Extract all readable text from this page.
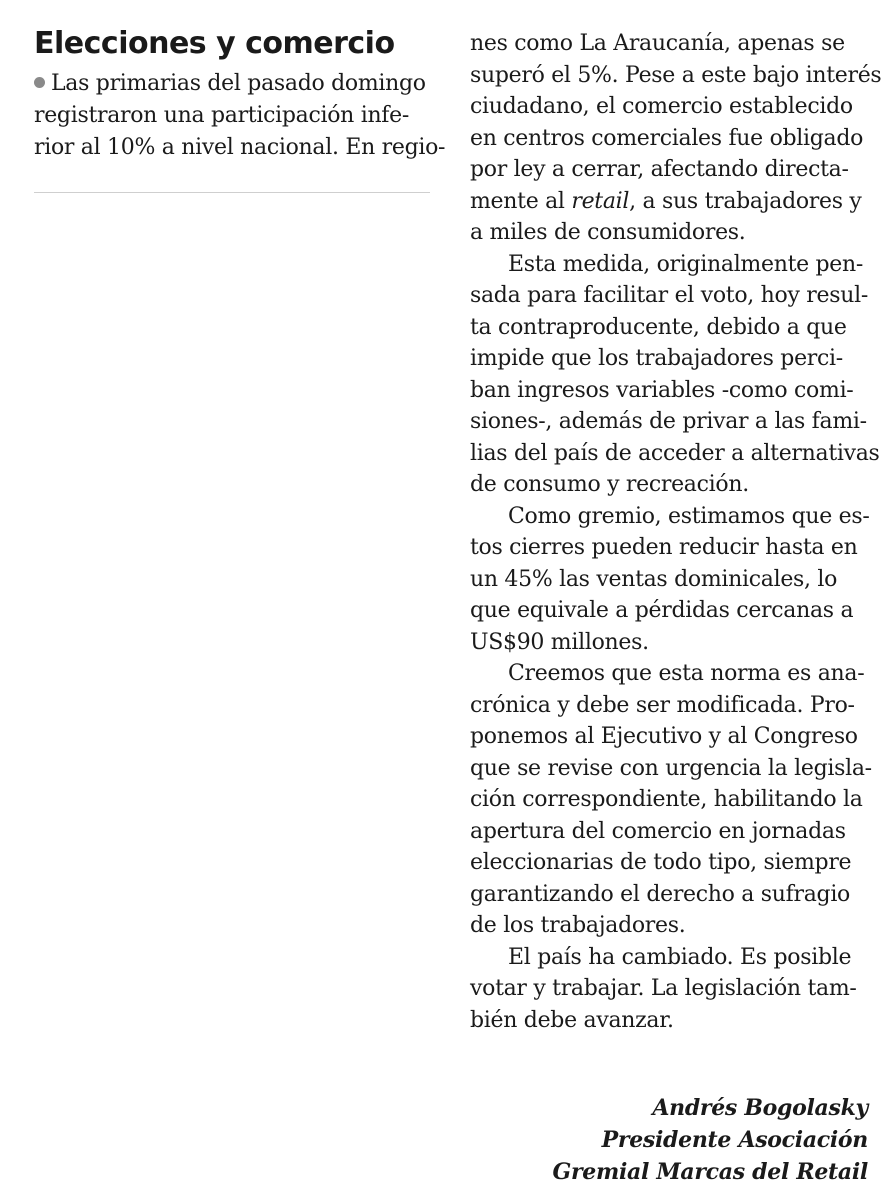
Elecciones y comercio

Las primarias del pasado domingo

registraron una participación infe-

rior al 10% a nivel nacional. En regio-

nes como La Araucanía, apenas se

superó el 5%. Pese a este bajo interés

ciudadano, el comercio establecido

en centros comerciales fue obligado

por ley a cerrar, afectando directa-

mente al retail, a sus trabajadores y

a miles de consumidores.

Esta medida, originalmente pen-

sada para facilitar el voto, hoy resul-

ta contraproducente, debido a que

impide que los trabajadores perci-

ban ingresos variables -como comi-

siones-, además de privar a las fami-

lias del país de acceder a alternativas

de consumo y recreación.

Como gremio, estimamos que es-

tos cierres pueden reducir hasta en

un 45% las ventas dominicales, lo

que equivale a pérdidas cercanas a

US$90 millones.

Creemos que esta norma es ana-

crónica y debe ser modificada. Pro-

ponemos al Ejecutivo y al Congreso

que se revise con urgencia la legisla-

ción correspondiente, habilitando la

apertura del comercio en jornadas

eleccionarias de todo tipo, siempre

garantizando el derecho a sufragio

de los trabajadores.

El país ha cambiado. Es posible

votar y trabajar. La legislación tam-

bién debe avanzar.

Andrés Bogolasky

Presidente Asociación

Gremial Marcas del Retail
